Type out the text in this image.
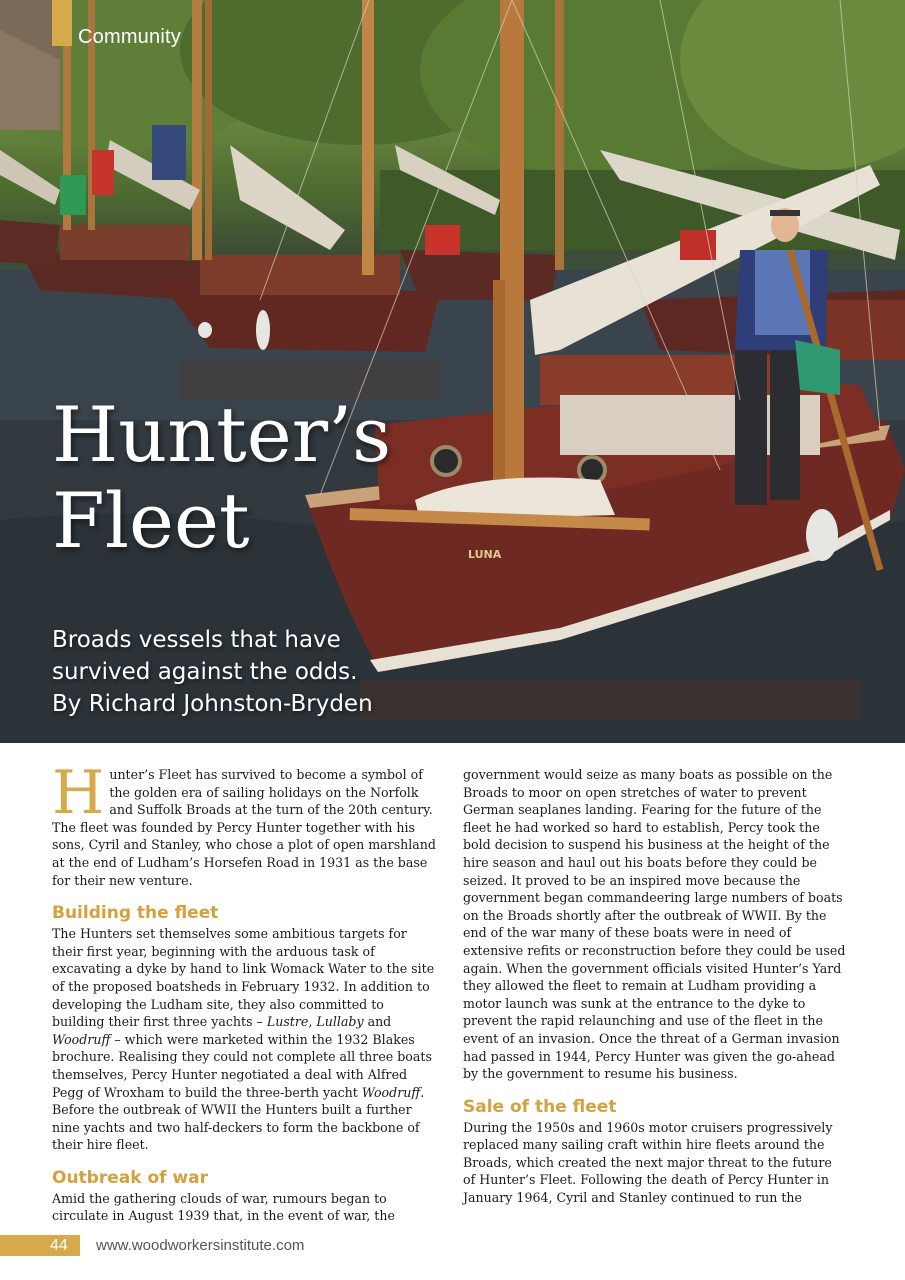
LUNA
Community
Hunter’s
Fleet
Broads vessels that have
survived against the odds.
By Richard Johnston-Bryden

Hunter’s Fleet has survived to become a symbol of the golden era of sailing holidays on the Norfolk and Suffolk Broads at the turn of the 20th century. The fleet was founded by Percy Hunter together with his sons, Cyril and Stanley, who chose a plot of open marshland at the end of Ludham’s Horsefen Road in 1931 as the base for their new venture.

Building the fleet

The Hunters set themselves some ambitious targets for their first year, beginning with the arduous task of excavating a dyke by hand to link Womack Water to the site of the proposed boatsheds in February 1932. In addition to developing the Ludham site, they also committed to building their first three yachts – Lustre, Lullaby and Woodruff – which were marketed within the 1932 Blakes brochure. Realising they could not complete all three boats themselves, Percy Hunter negotiated a deal with Alfred Pegg of Wroxham to build the three-berth yacht Woodruff. Before the outbreak of WWII the Hunters built a further nine yachts and two half-deckers to form the backbone of their hire fleet.

Outbreak of war

Amid the gathering clouds of war, rumours began to circulate in August 1939 that, in the event of war, the

government would seize as many boats as possible on the Broads to moor on open stretches of water to prevent German seaplanes landing. Fearing for the future of the fleet he had worked so hard to establish, Percy took the bold decision to suspend his business at the height of the hire season and haul out his boats before they could be seized. It proved to be an inspired move because the government began commandeering large numbers of boats on the Broads shortly after the outbreak of WWII. By the end of the war many of these boats were in need of extensive refits or reconstruction before they could be used again. When the government officials visited Hunter’s Yard they allowed the fleet to remain at Ludham providing a motor launch was sunk at the entrance to the dyke to prevent the rapid relaunching and use of the fleet in the event of an invasion. Once the threat of a German invasion had passed in 1944, Percy Hunter was given the go-ahead by the government to resume his business.

Sale of the fleet

During the 1950s and 1960s motor cruisers progressively replaced many sailing craft within hire fleets around the Broads, which created the next major threat to the future of Hunter’s Fleet. Following the death of Percy Hunter in January 1964, Cyril and Stanley continued to run the

44	www.woodworkersinstitute.com
